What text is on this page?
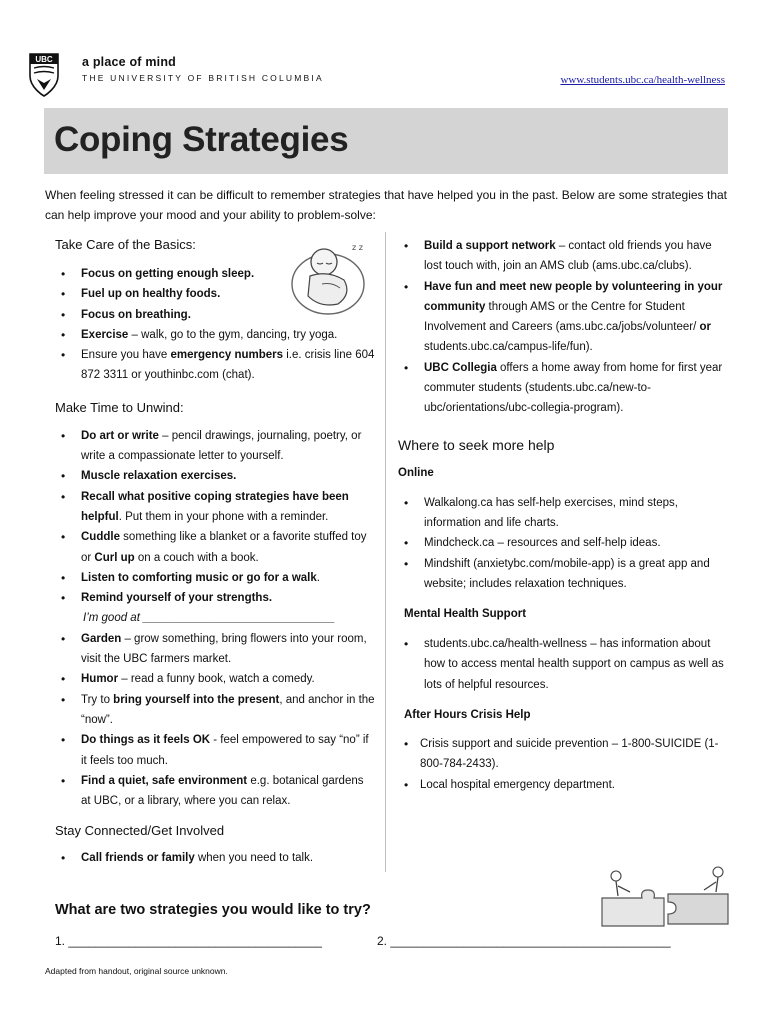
UBC a place of mind
THE UNIVERSITY OF BRITISH COLUMBIA	www.students.ubc.ca/health-wellness
Coping Strategies
When feeling stressed it can be difficult to remember strategies that have helped you in the past. Below are some strategies that can help improve your mood and your ability to problem-solve:
z z
Take Care of the Basics:
• Focus on getting enough sleep.
• Fuel up on healthy foods.
• Focus on breathing.
• Exercise – walk, go to the gym, dancing, try yoga.
• Ensure you have emergency numbers i.e. crisis line 604 872 3311 or youthinbc.com (chat).
Make Time to Unwind:
• Do art or write – pencil drawings, journaling, poetry, or write a compassionate letter to yourself.
• Muscle relaxation exercises.
• Recall what positive coping strategies have been helpful. Put them in your phone with a reminder.
• Cuddle something like a blanket or a favorite stuffed toy or Curl up on a couch with a book.
• Listen to comforting music or go for a walk.
• Remind yourself of your strengths.
I’m good at ______________________________
• Garden – grow something, bring flowers into your room, visit the UBC farmers market.
• Humor – read a funny book, watch a comedy.
• Try to bring yourself into the present, and anchor in the “now”.
• Do things as it feels OK - feel empowered to say “no” if it feels too much.
• Find a quiet, safe environment e.g. botanical gardens at UBC, or a library, where you can relax.
Stay Connected/Get Involved
• Call friends or family when you need to talk.
• Build a support network – contact old friends you have lost touch with, join an AMS club (ams.ubc.ca/clubs).
• Have fun and meet new people by volunteering in your community through AMS or the Centre for Student Involvement and Careers (ams.ubc.ca/jobs/volunteer/ or students.ubc.ca/campus-life/fun).
• UBC Collegia offers a home away from home for first year commuter students (students.ubc.ca/new-to-ubc/orientations/ubc-collegia-program).
Where to seek more help
Online
• Walkalong.ca has self-help exercises, mind steps, information and life charts.
• Mindcheck.ca – resources and self-help ideas.
• Mindshift (anxietybc.com/mobile-app) is a great app and website; includes relaxation techniques.
Mental Health Support
• students.ubc.ca/health-wellness – has information about how to access mental health support on campus as well as lots of helpful resources.
After Hours Crisis Help
• Crisis support and suicide prevention – 1-800-SUICIDE (1-800-784-2433).
• Local hospital emergency department.
What are two strategies you would like to try?
1. ______________________________________	2. __________________________________________
Adapted from handout, original source unknown.
